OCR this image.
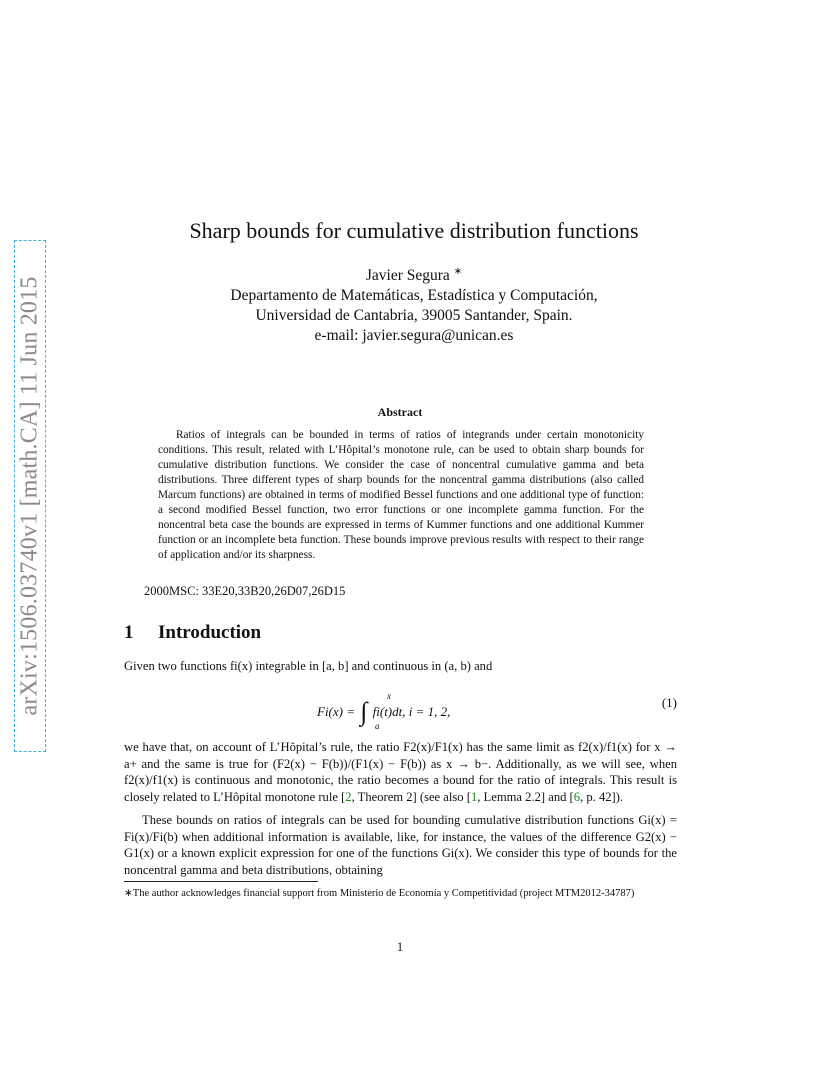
arXiv:1506.03740v1 [math.CA] 11 Jun 2015
Sharp bounds for cumulative distribution functions
Javier Segura ∗
Departamento de Matemáticas, Estadística y Computación,
Universidad de Cantabria, 39005 Santander, Spain.
e-mail: javier.segura@unican.es
Abstract
Ratios of integrals can be bounded in terms of ratios of integrands under certain monotonicity conditions. This result, related with L’Hôpital’s monotone rule, can be used to obtain sharp bounds for cumulative distribution functions. We consider the case of noncentral cumulative gamma and beta distributions. Three different types of sharp bounds for the noncentral gamma distributions (also called Marcum functions) are obtained in terms of modified Bessel functions and one additional type of function: a second modified Bessel function, two error functions or one incomplete gamma function. For the noncentral beta case the bounds are expressed in terms of Kummer functions and one additional Kummer function or an incomplete beta function. These bounds improve previous results with respect to their range of application and/or its sharpness.
2000MSC: 33E20,33B20,26D07,26D15
1 Introduction
Given two functions fi(x) integrable in [a, b] and continuous in (a, b) and
Fi(x) = ∫ fi(t)dt, i = 1, 2,
x
a
(1)
we have that, on account of L’Hôpital’s rule, the ratio F2(x)/F1(x) has the same limit as f2(x)/f1(x) for x → a+ and the same is true for (F2(x) − F(b))/(F1(x) − F(b)) as x → b−. Additionally, as we will see, when f2(x)/f1(x) is continuous and monotonic, the ratio becomes a bound for the ratio of integrals. This result is closely related to L’Hôpital monotone rule [2, Theorem 2] (see also [1, Lemma 2.2] and [6, p. 42]).
These bounds on ratios of integrals can be used for bounding cumulative distribution functions Gi(x) = Fi(x)/Fi(b) when additional information is available, like, for instance, the values of the difference G2(x) − G1(x) or a known explicit expression for one of the functions Gi(x). We consider this type of bounds for the noncentral gamma and beta distributions, obtaining
∗The author acknowledges financial support from Ministerio de Economía y Competitividad (project MTM2012-34787)
1
